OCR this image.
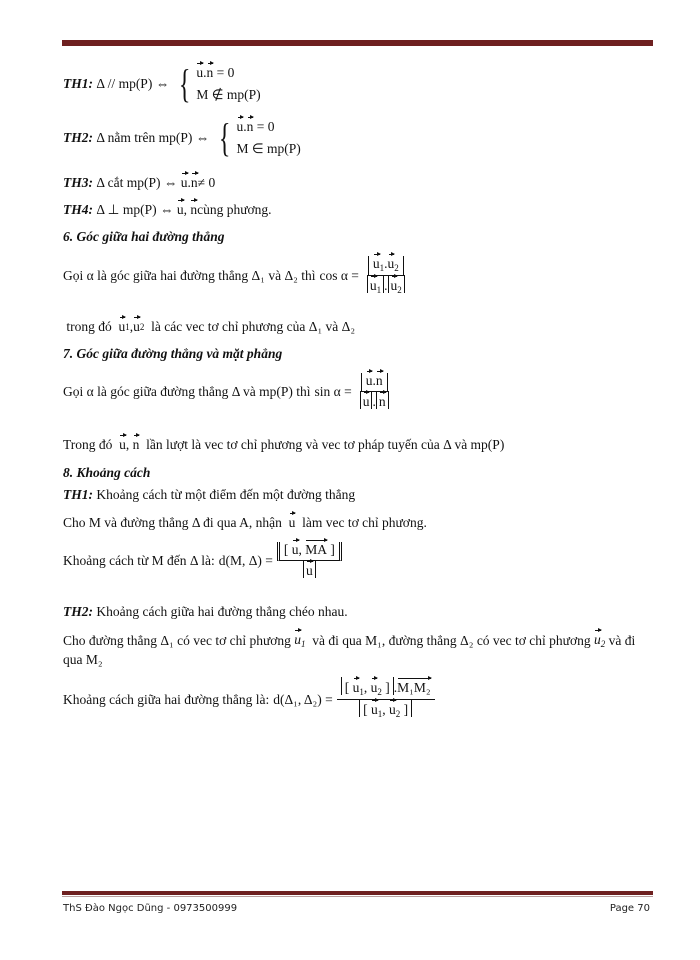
TH1:
Δ // mp(P) ⇔ { u.n = 0
M ∉ mp(P)
TH2:
Δ nằm trên mp(P) ⇔ { u.n = 0
M ∈ mp(P)
TH3:
Δ cắt mp(P) ⇔
u . n ≠ 0
TH4:
Δ ⊥ mp(P) ⇔
u , n cùng phương.
6. Góc giữa hai đường thẳng
Gọi α là góc giữa hai đường thẳng Δ₁ và Δ₂ thì $\cos \alpha = \frac{u_1.u_2}{u_1 . u_2}$

trong đó
u 1 , u 2
là các vec tơ chỉ phương của Δ₁ và Δ₂
7. Góc giữa đường thẳng và mặt phẳng
Gọi α là góc giữa đường thẳng Δ và mp(P) thì $\sin \alpha = \frac{u.n}{u . n}$
Trong đó
u , n
lần lượt là vec tơ chỉ phương và vec tơ pháp tuyến của Δ và mp(P)
8. Khoảng cách
TH1:
Khoảng cách từ một điểm đến một đường thẳng
Cho M và đường thẳng Δ đi qua A, nhận
u
làm vec tơ chỉ phương.
Khoảng cách từ M đến Δ là: d(M, $\Delta) = \frac{[ u, MA ]}{u}$
TH2:
Khoảng cách giữa hai đường thẳng chéo nhau.
Cho đường thẳng Δ₁ có vec tơ chỉ phương
$u_1$
và đi qua M₁, đường thẳng Δ₂ có vec tơ chỉ phương
$u_2$
và đi
qua M₂
Khoảng cách giữa hai đường thẳng là: d(Δ₁, $\Delta_2) = \frac{[ u_1, u_2 ] .M_1M_2}{[ u_1, u_2 ]}$
ThS Đào Ngọc Dũng - 0973500999	Page 70
